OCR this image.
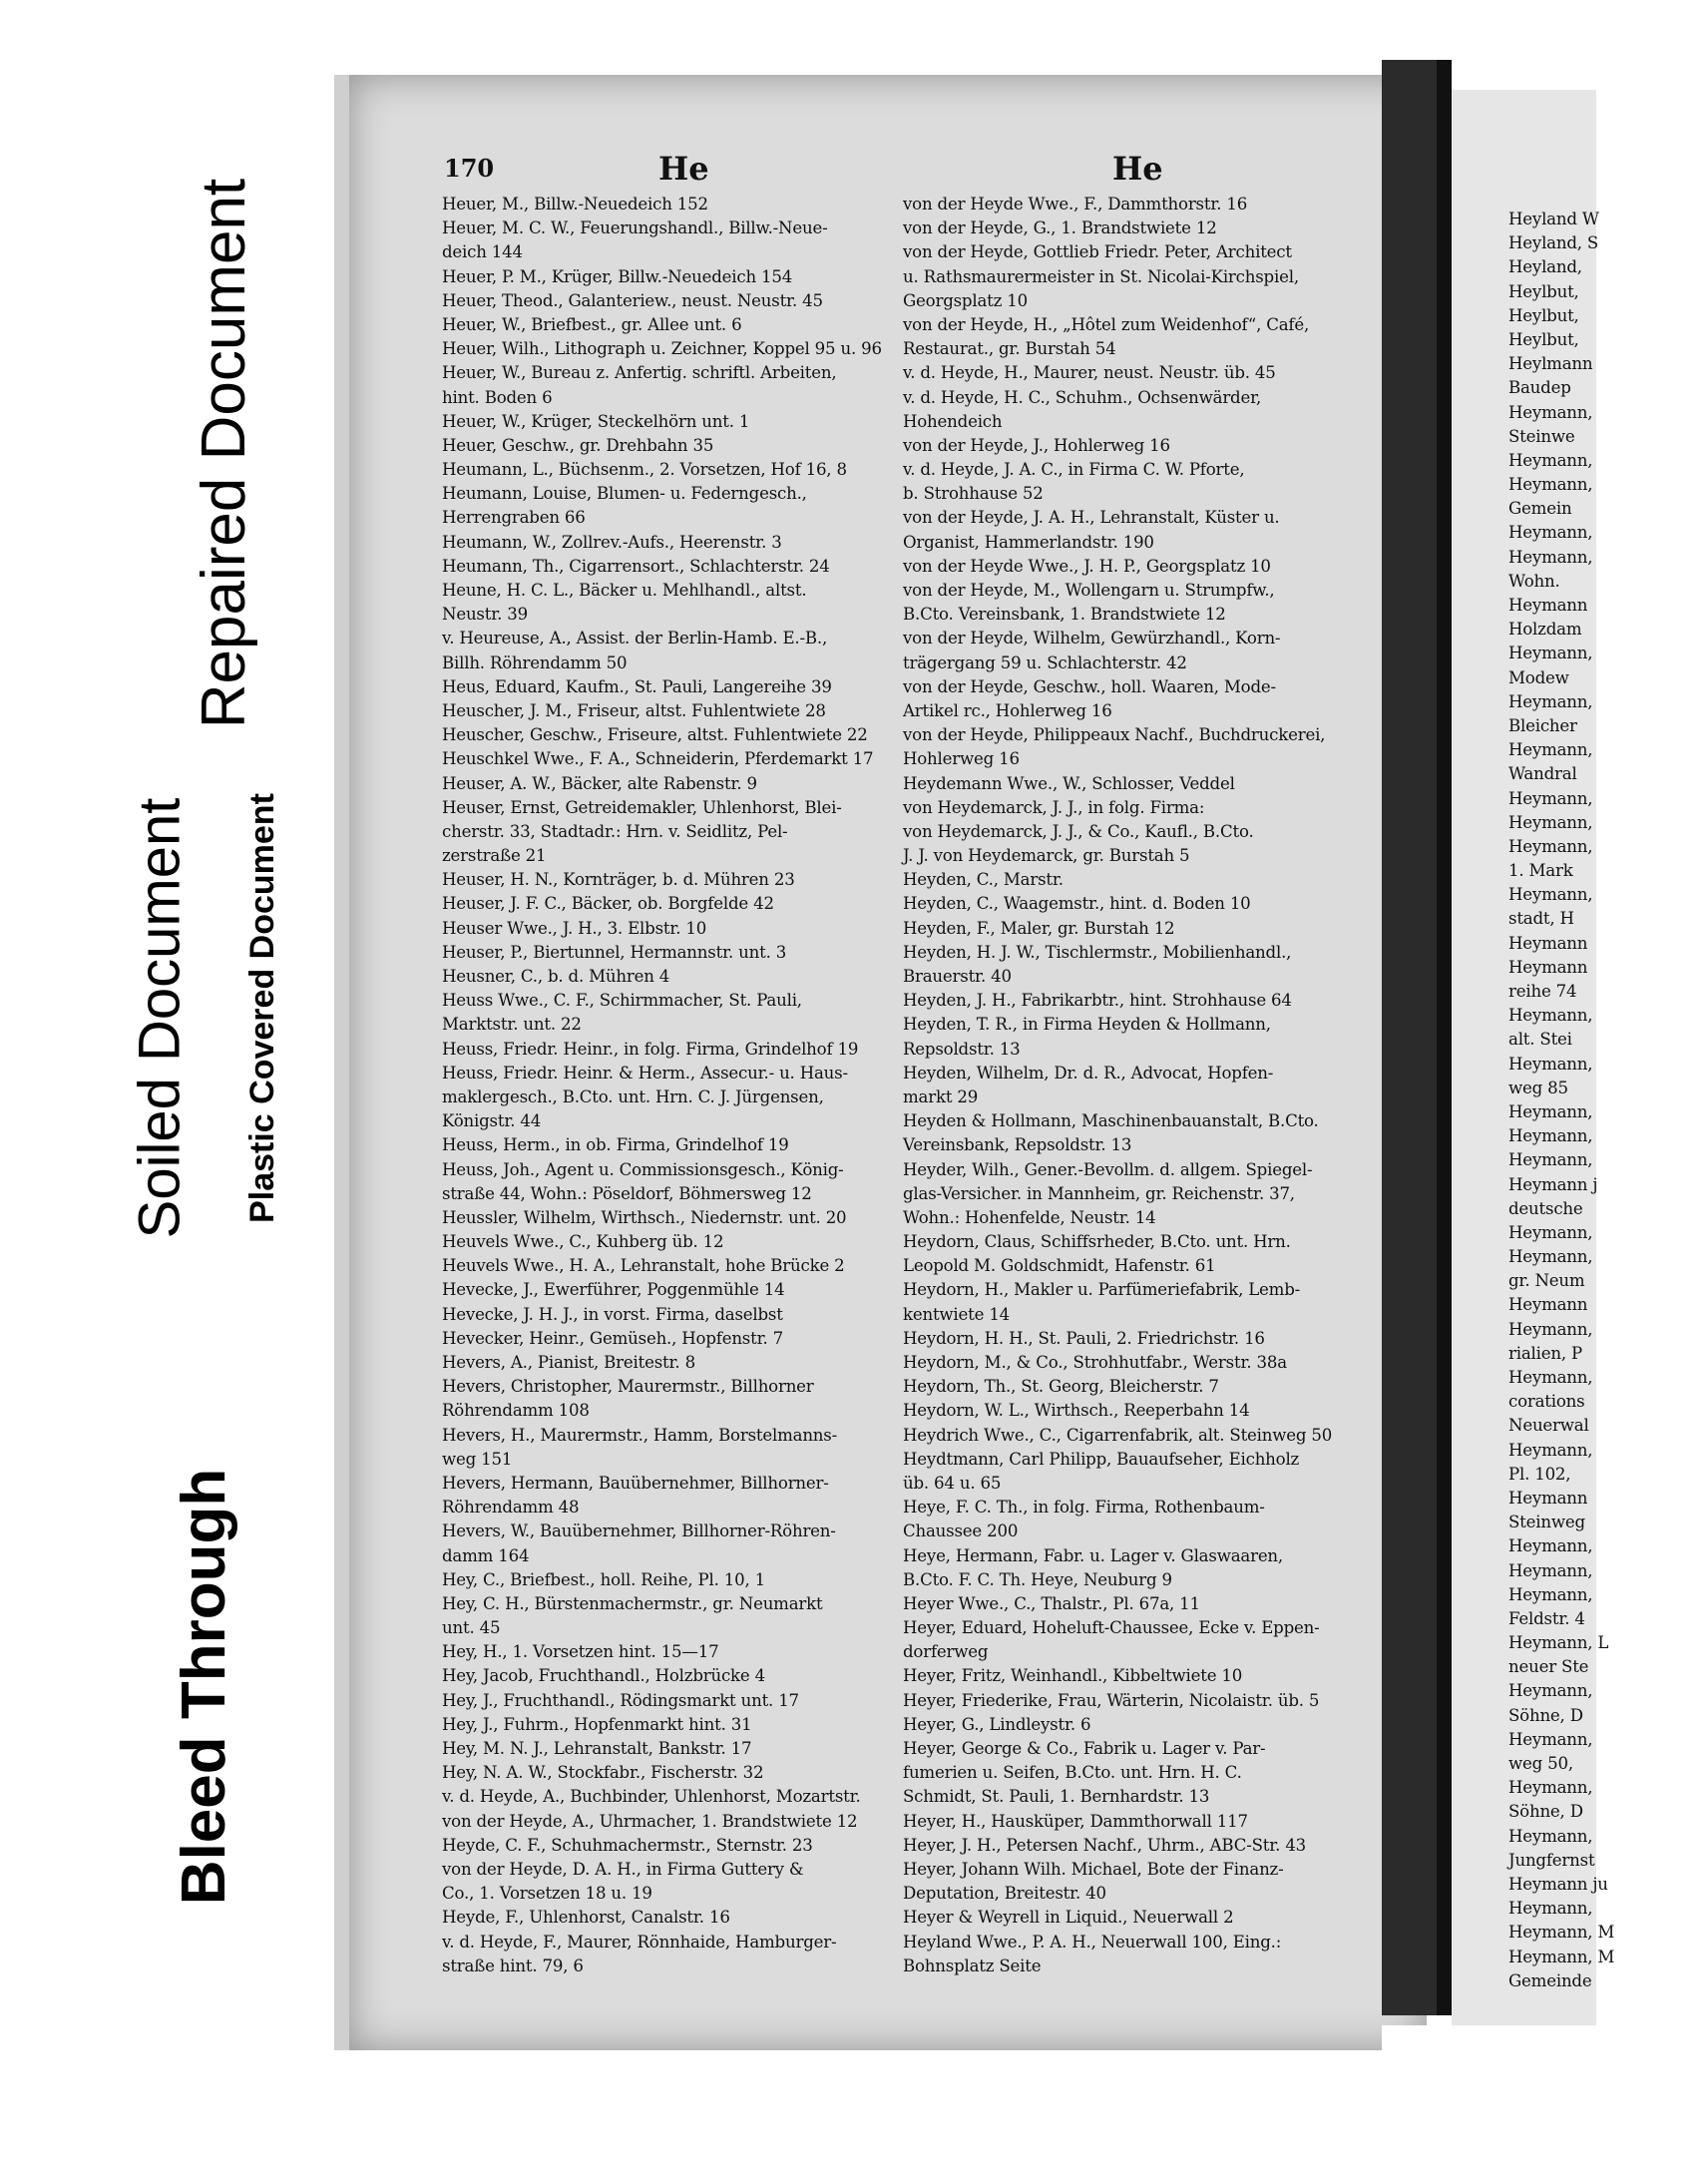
Bleed Through
Soiled Document Plastic Covered Document
Repaired Document
170	He	He
Heuer, M., Billw.-Neuedeich 152
Heuer, M. C. W., Feuerungshandl., Billw.-Neue-
deich 144
Heuer, P. M., Krüger, Billw.-Neuedeich 154
Heuer, Theod., Galanteriew., neust. Neustr. 45
Heuer, W., Briefbest., gr. Allee unt. 6
Heuer, Wilh., Lithograph u. Zeichner, Koppel 95 u. 96
Heuer, W., Bureau z. Anfertig. schriftl. Arbeiten,
hint. Boden 6
Heuer, W., Krüger, Steckelhörn unt. 1
Heuer, Geschw., gr. Drehbahn 35
Heumann, L., Büchsenm., 2. Vorsetzen, Hof 16, 8
Heumann, Louise, Blumen- u. Federngesch.,
Herrengraben 66
Heumann, W., Zollrev.-Aufs., Heerenstr. 3
Heumann, Th., Cigarrensort., Schlachterstr. 24
Heune, H. C. L., Bäcker u. Mehlhandl., altst.
Neustr. 39
v. Heureuse, A., Assist. der Berlin-Hamb. E.-B.,
Billh. Röhrendamm 50
Heus, Eduard, Kaufm., St. Pauli, Langereihe 39
Heuscher, J. M., Friseur, altst. Fuhlentwiete 28
Heuscher, Geschw., Friseure, altst. Fuhlentwiete 22
Heuschkel Wwe., F. A., Schneiderin, Pferdemarkt 17
Heuser, A. W., Bäcker, alte Rabenstr. 9
Heuser, Ernst, Getreidemakler, Uhlenhorst, Blei-
cherstr. 33, Stadtadr.: Hrn. v. Seidlitz, Pel-
zerstraße 21
Heuser, H. N., Kornträger, b. d. Mühren 23
Heuser, J. F. C., Bäcker, ob. Borgfelde 42
Heuser Wwe., J. H., 3. Elbstr. 10
Heuser, P., Biertunnel, Hermannstr. unt. 3
Heusner, C., b. d. Mühren 4
Heuss Wwe., C. F., Schirmmacher, St. Pauli,
Marktstr. unt. 22
Heuss, Friedr. Heinr., in folg. Firma, Grindelhof 19
Heuss, Friedr. Heinr. & Herm., Assecur.- u. Haus-
maklergesch., B.Cto. unt. Hrn. C. J. Jürgensen,
Königstr. 44
Heuss, Herm., in ob. Firma, Grindelhof 19
Heuss, Joh., Agent u. Commissionsgesch., König-
straße 44, Wohn.: Pöseldorf, Böhmersweg 12
Heussler, Wilhelm, Wirthsch., Niedernstr. unt. 20
Heuvels Wwe., C., Kuhberg üb. 12
Heuvels Wwe., H. A., Lehranstalt, hohe Brücke 2
Hevecke, J., Ewerführer, Poggenmühle 14
Hevecke, J. H. J., in vorst. Firma, daselbst
Hevecker, Heinr., Gemüseh., Hopfenstr. 7
Hevers, A., Pianist, Breitestr. 8
Hevers, Christopher, Maurermstr., Billhorner
Röhrendamm 108
Hevers, H., Maurermstr., Hamm, Borstelmanns-
weg 151
Hevers, Hermann, Bauübernehmer, Billhorner-
Röhrendamm 48
Hevers, W., Bauübernehmer, Billhorner-Röhren-
damm 164
Hey, C., Briefbest., holl. Reihe, Pl. 10, 1
Hey, C. H., Bürstenmachermstr., gr. Neumarkt
unt. 45
Hey, H., 1. Vorsetzen hint. 15—17
Hey, Jacob, Fruchthandl., Holzbrücke 4
Hey, J., Fruchthandl., Rödingsmarkt unt. 17
Hey, J., Fuhrm., Hopfenmarkt hint. 31
Hey, M. N. J., Lehranstalt, Bankstr. 17
Hey, N. A. W., Stockfabr., Fischerstr. 32
v. d. Heyde, A., Buchbinder, Uhlenhorst, Mozartstr.
von der Heyde, A., Uhrmacher, 1. Brandstwiete 12
Heyde, C. F., Schuhmachermstr., Sternstr. 23
von der Heyde, D. A. H., in Firma Guttery &
Co., 1. Vorsetzen 18 u. 19
Heyde, F., Uhlenhorst, Canalstr. 16
v. d. Heyde, F., Maurer, Rönnhaide, Hamburger-
straße hint. 79, 6
von der Heyde Wwe., F., Dammthorstr. 16
von der Heyde, G., 1. Brandstwiete 12
von der Heyde, Gottlieb Friedr. Peter, Architect
u. Rathsmaurermeister in St. Nicolai-Kirchspiel,
Georgsplatz 10
von der Heyde, H., „Hôtel zum Weidenhof“, Café,
Restaurat., gr. Burstah 54
v. d. Heyde, H., Maurer, neust. Neustr. üb. 45
v. d. Heyde, H. C., Schuhm., Ochsenwärder,
Hohendeich
von der Heyde, J., Hohlerweg 16
v. d. Heyde, J. A. C., in Firma C. W. Pforte,
b. Strohhause 52
von der Heyde, J. A. H., Lehranstalt, Küster u.
Organist, Hammerlandstr. 190
von der Heyde Wwe., J. H. P., Georgsplatz 10
von der Heyde, M., Wollengarn u. Strumpfw.,
B.Cto. Vereinsbank, 1. Brandstwiete 12
von der Heyde, Wilhelm, Gewürzhandl., Korn-
trägergang 59 u. Schlachterstr. 42
von der Heyde, Geschw., holl. Waaren, Mode-
Artikel rc., Hohlerweg 16
von der Heyde, Philippeaux Nachf., Buchdruckerei,
Hohlerweg 16
Heydemann Wwe., W., Schlosser, Veddel
von Heydemarck, J. J., in folg. Firma:
von Heydemarck, J. J., & Co., Kaufl., B.Cto.
J. J. von Heydemarck, gr. Burstah 5
Heyden, C., Marstr.
Heyden, C., Waagemstr., hint. d. Boden 10
Heyden, F., Maler, gr. Burstah 12
Heyden, H. J. W., Tischlermstr., Mobilienhandl.,
Brauerstr. 40
Heyden, J. H., Fabrikarbtr., hint. Strohhause 64
Heyden, T. R., in Firma Heyden & Hollmann,
Repsoldstr. 13
Heyden, Wilhelm, Dr. d. R., Advocat, Hopfen-
markt 29
Heyden & Hollmann, Maschinenbauanstalt, B.Cto.
Vereinsbank, Repsoldstr. 13
Heyder, Wilh., Gener.-Bevollm. d. allgem. Spiegel-
glas-Versicher. in Mannheim, gr. Reichenstr. 37,
Wohn.: Hohenfelde, Neustr. 14
Heydorn, Claus, Schiffsrheder, B.Cto. unt. Hrn.
Leopold M. Goldschmidt, Hafenstr. 61
Heydorn, H., Makler u. Parfümeriefabrik, Lemb-
kentwiete 14
Heydorn, H. H., St. Pauli, 2. Friedrichstr. 16
Heydorn, M., & Co., Strohhutfabr., Werstr. 38a
Heydorn, Th., St. Georg, Bleicherstr. 7
Heydorn, W. L., Wirthsch., Reeperbahn 14
Heydrich Wwe., C., Cigarrenfabrik, alt. Steinweg 50
Heydtmann, Carl Philipp, Bauaufseher, Eichholz
üb. 64 u. 65
Heye, F. C. Th., in folg. Firma, Rothenbaum-
Chaussee 200
Heye, Hermann, Fabr. u. Lager v. Glaswaaren,
B.Cto. F. C. Th. Heye, Neuburg 9
Heyer Wwe., C., Thalstr., Pl. 67a, 11
Heyer, Eduard, Hoheluft-Chaussee, Ecke v. Eppen-
dorferweg
Heyer, Fritz, Weinhandl., Kibbeltwiete 10
Heyer, Friederike, Frau, Wärterin, Nicolaistr. üb. 5
Heyer, G., Lindleystr. 6
Heyer, George & Co., Fabrik u. Lager v. Par-
fumerien u. Seifen, B.Cto. unt. Hrn. H. C.
Schmidt, St. Pauli, 1. Bernhardstr. 13
Heyer, H., Hausküper, Dammthorwall 117
Heyer, J. H., Petersen Nachf., Uhrm., ABC-Str. 43
Heyer, Johann Wilh. Michael, Bote der Finanz-
Deputation, Breitestr. 40
Heyer & Weyrell in Liquid., Neuerwall 2
Heyland Wwe., P. A. H., Neuerwall 100, Eing.:
Bohnsplatz Seite
Heyland W
Heyland, S
Heyland,
Heylbut,
Heylbut,
Heylbut,
Heylmann
Baudep
Heymann,
Steinwe
Heymann,
Heymann,
Gemein
Heymann,
Heymann,
Wohn.
Heymann
Holzdam
Heymann,
Modew
Heymann,
Bleicher
Heymann,
Wandral
Heymann,
Heymann,
Heymann,
1. Mark
Heymann,
stadt, H
Heymann
Heymann
reihe 74
Heymann,
alt. Stei
Heymann,
weg 85
Heymann,
Heymann,
Heymann,
Heymann j
deutsche
Heymann,
Heymann,
gr. Neum
Heymann
Heymann,
rialien, P
Heymann,
corations
Neuerwal
Heymann,
Pl. 102,
Heymann
Steinweg
Heymann,
Heymann,
Heymann,
Feldstr. 4
Heymann, L
neuer Ste
Heymann,
Söhne, D
Heymann,
weg 50,
Heymann,
Söhne, D
Heymann,
Jungfernst
Heymann ju
Heymann,
Heymann, M
Heymann, M
Gemeinde
